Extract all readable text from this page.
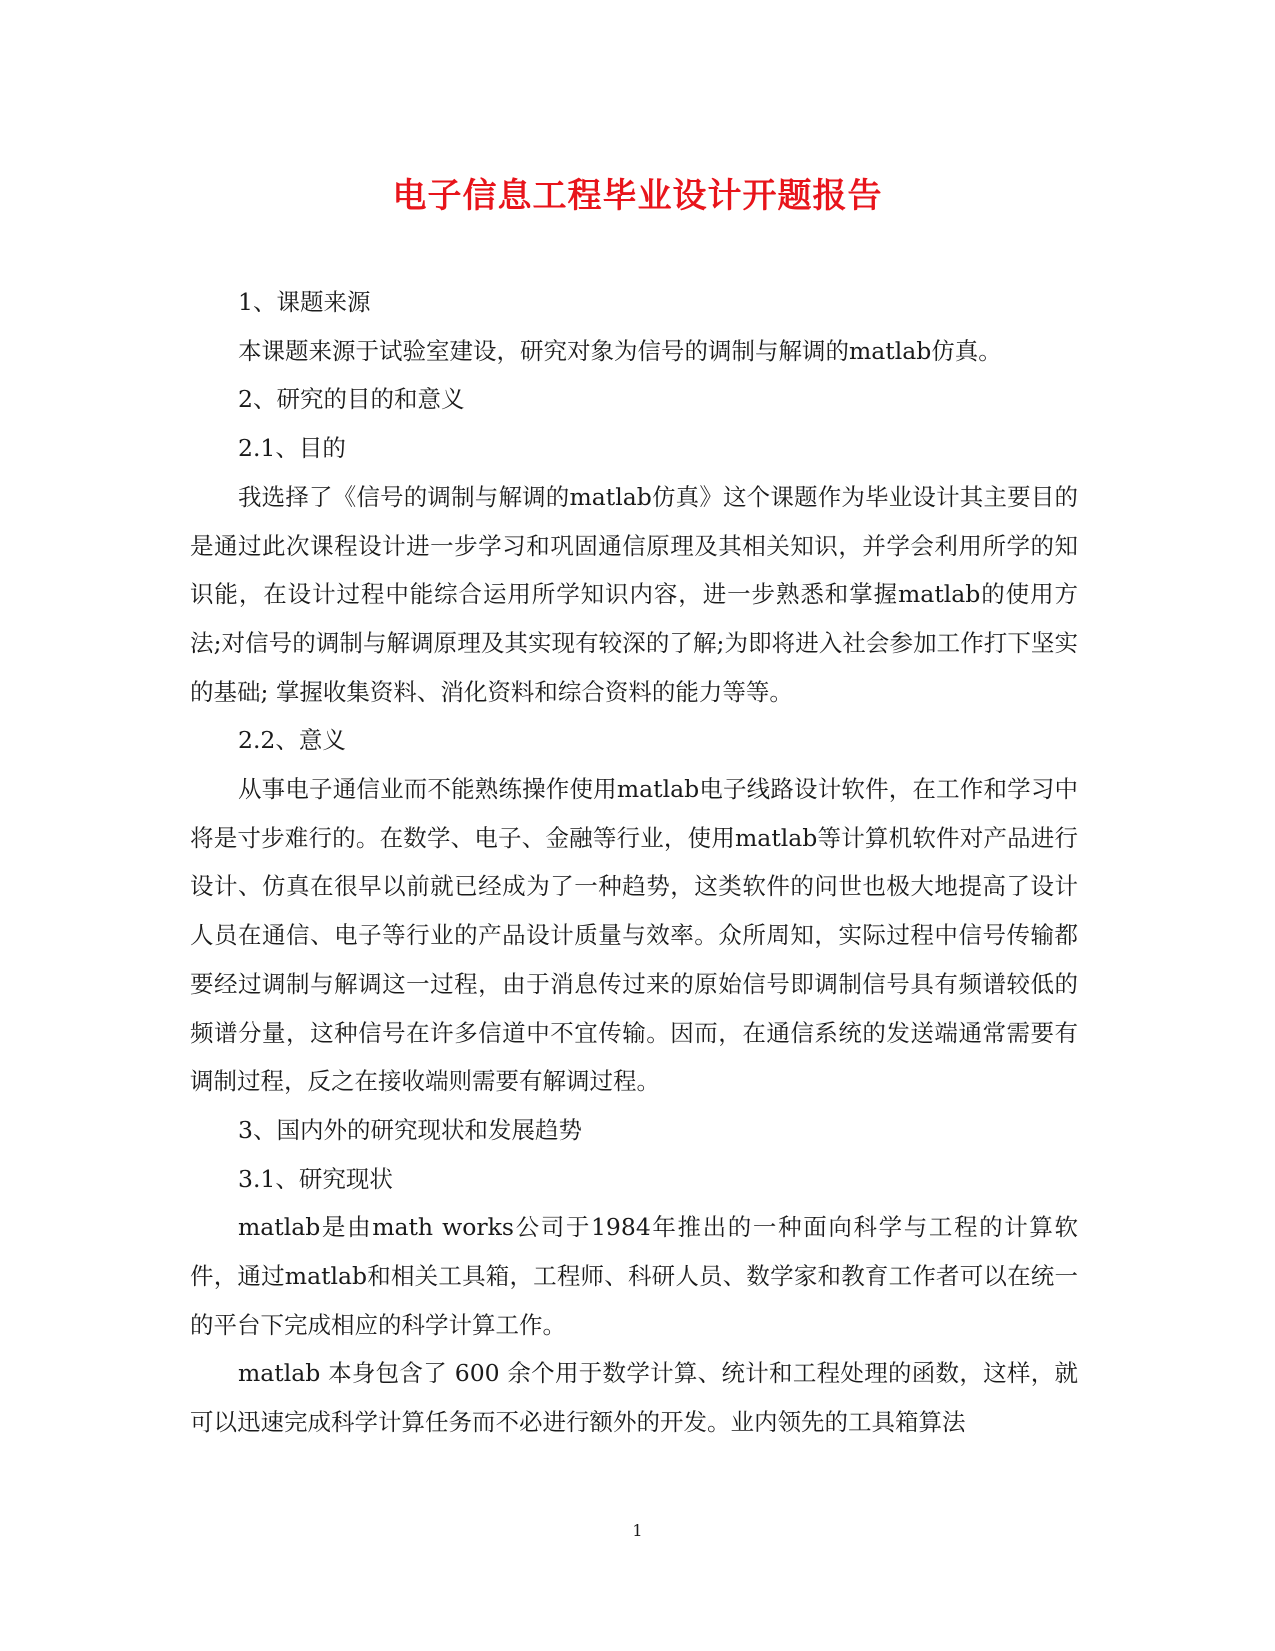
电子信息工程毕业设计开题报告

1、课题来源

本课题来源于试验室建设，研究对象为信号的调制与解调的matlab仿真。

2、研究的目的和意义

2.1、目的

我选择了《信号的调制与解调的matlab仿真》这个课题作为毕业设计其主要目的是通过此次课程设计进一步学习和巩固通信原理及其相关知识，并学会利用所学的知识能，在设计过程中能综合运用所学知识内容，进一步熟悉和掌握matlab的使用方法;对信号的调制与解调原理及其实现有较深的了解;为即将进入社会参加工作打下坚实的基础; 掌握收集资料、消化资料和综合资料的能力等等。

2.2、意义

从事电子通信业而不能熟练操作使用matlab电子线路设计软件，在工作和学习中将是寸步难行的。在数学、电子、金融等行业，使用matlab等计算机软件对产品进行设计、仿真在很早以前就已经成为了一种趋势，这类软件的问世也极大地提高了设计人员在通信、电子等行业的产品设计质量与效率。众所周知，实际过程中信号传输都要经过调制与解调这一过程，由于消息传过来的原始信号即调制信号具有频谱较低的频谱分量，这种信号在许多信道中不宜传输。因而，在通信系统的发送端通常需要有调制过程，反之在接收端则需要有解调过程。

3、国内外的研究现状和发展趋势

3.1、研究现状

matlab是由math works公司于1984年推出的一种面向科学与工程的计算软件，通过matlab和相关工具箱，工程师、科研人员、数学家和教育工作者可以在统一的平台下完成相应的科学计算工作。

matlab 本身包含了 600 余个用于数学计算、统计和工程处理的函数，这样，就可以迅速完成科学计算任务而不必进行额外的开发。业内领先的工具箱算法

1
